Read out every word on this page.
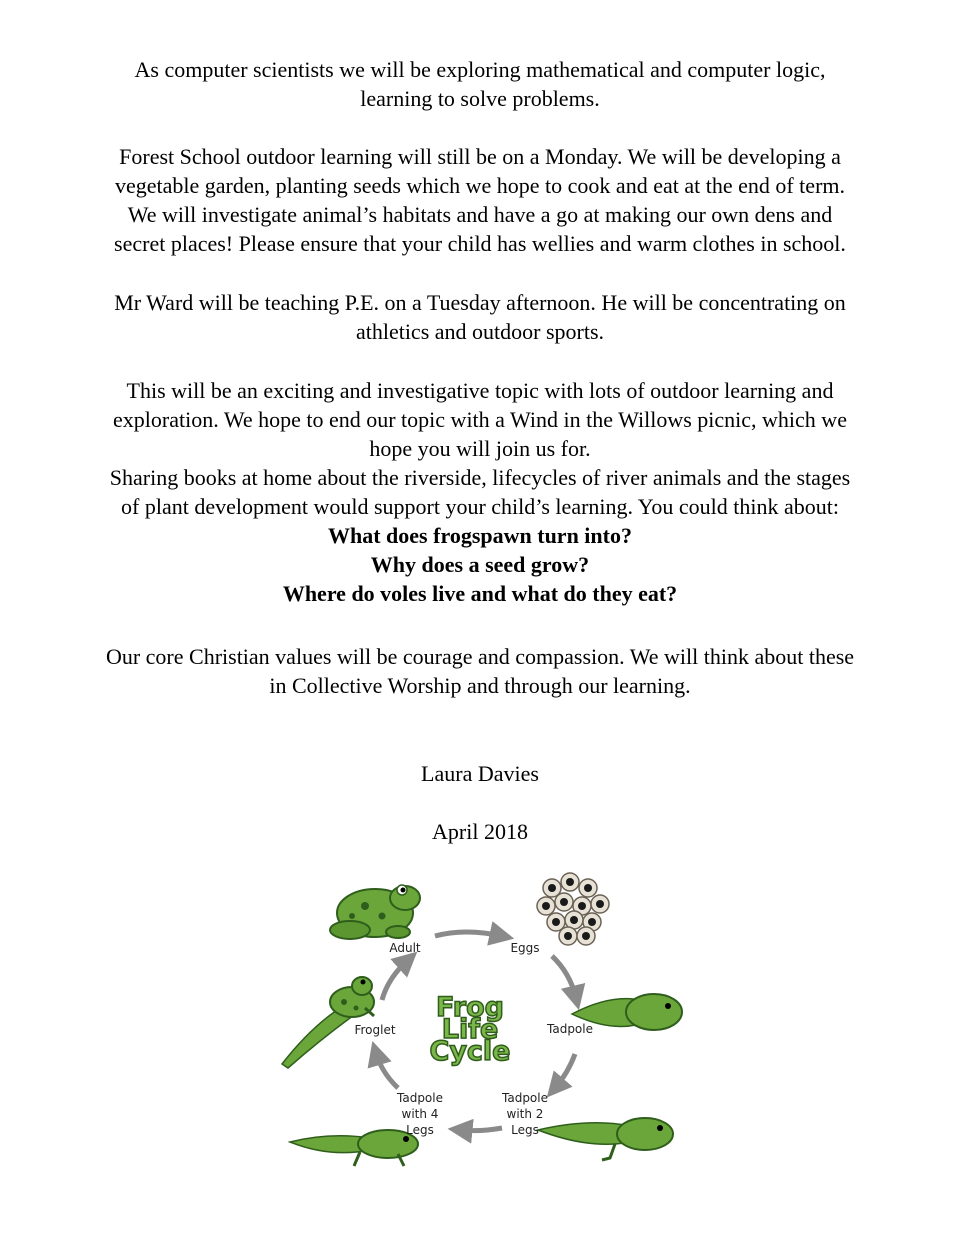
As computer scientists we will be exploring mathematical and computer logic,
learning to solve problems.
Forest School outdoor learning will still be on a Monday. We will be developing a
vegetable garden, planting seeds which we hope to cook and eat at the end of term.
We will investigate animal’s habitats and have a go at making our own dens and
secret places! Please ensure that your child has wellies and warm clothes in school.
Mr Ward will be teaching P.E. on a Tuesday afternoon. He will be concentrating on
athletics and outdoor sports.
This will be an exciting and investigative topic with lots of outdoor learning and
exploration. We hope to end our topic with a Wind in the Willows picnic, which we
hope you will join us for.
Sharing books at home about the riverside, lifecycles of river animals and the stages
of plant development would support your child’s learning. You could think about:
What does frogspawn turn into?
Why does a seed grow?
Where do voles live and what do they eat?
Our core Christian values will be courage and compassion. We will think about these
in Collective Worship and through our learning.
Laura Davies
April 2018
Frog
Life
Cycle
Adult	Eggs
Tadpole
Tadpole
with 2
Legs
Tadpole
with 4
Legs
Froglet
